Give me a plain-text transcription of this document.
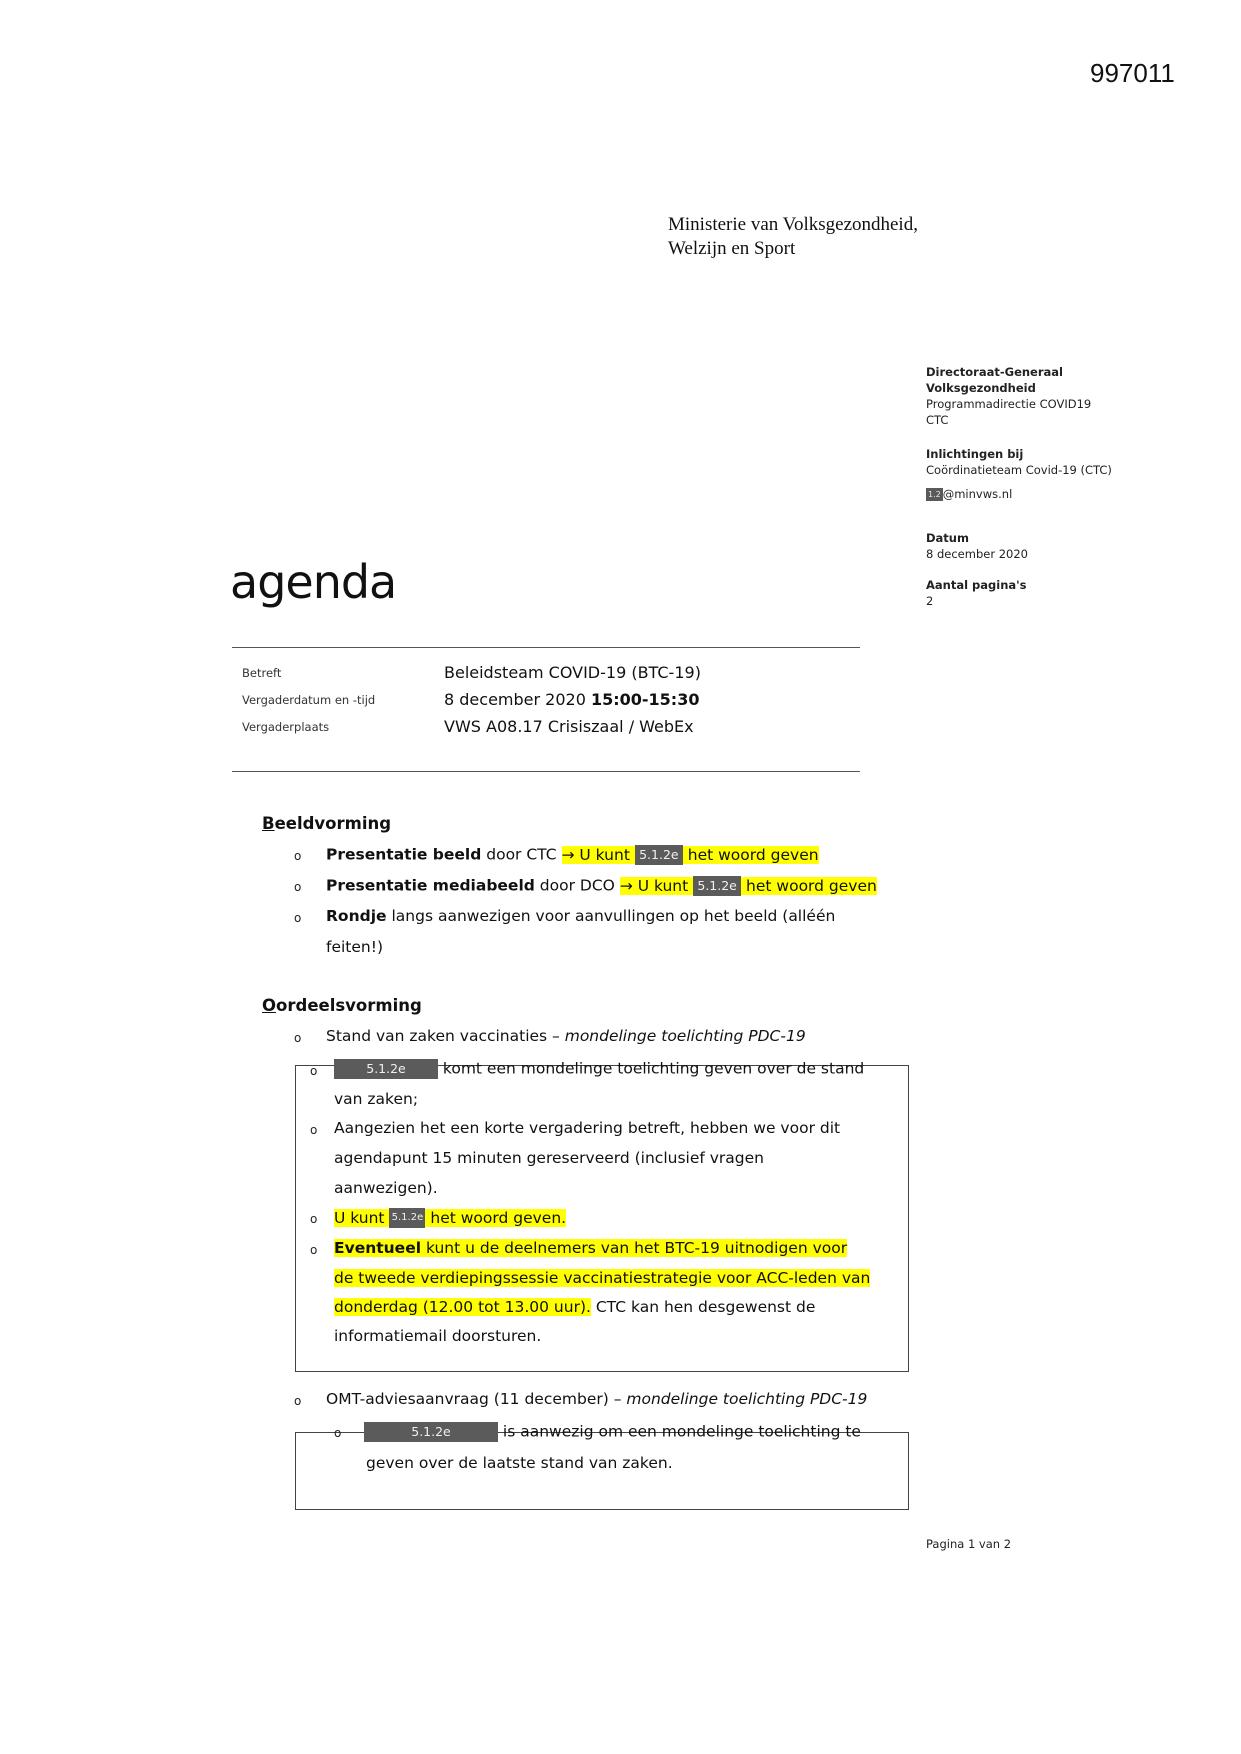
997011
Ministerie van Volksgezondheid,
Welzijn en Sport
Directoraat-Generaal
Volksgezondheid
Programmadirectie COVID19
CTC
Inlichtingen bij
Coördinatieteam Covid-19 (CTC)
1.2 @minvws.nl
Datum
8 december 2020
Aantal pagina's
2
agenda
Betreft	Beleidsteam COVID-19 (BTC-19)
Vergaderdatum en -tijd	8 december 2020 15:00-15:30
Vergaderplaats	VWS A08.17 Crisiszaal / WebEx
Beeldvorming
o Presentatie beeld door CTC → U kunt 5.1.2e het woord geven
o Presentatie mediabeeld door DCO → U kunt 5.1.2e het woord geven
o Rondje langs aanwezigen voor aanvullingen op het beeld (alléén
feiten!)
Oordeelsvorming
o Stand van zaken vaccinaties – mondelinge toelichting PDC-19
o	5.1.2e komt een mondelinge toelichting geven over de stand
van zaken;
o Aangezien het een korte vergadering betreft, hebben we voor dit
agendapunt 15 minuten gereserveerd (inclusief vragen
aanwezigen).
o U kunt 5.1.2e het woord geven.
o Eventueel kunt u de deelnemers van het BTC-19 uitnodigen voor
de tweede verdiepingssessie vaccinatiestrategie voor ACC-leden van
donderdag (12.00 tot 13.00 uur). CTC kan hen desgewenst de
informatiemail doorsturen.
o OMT-adviesaanvraag (11 december) – mondelinge toelichting PDC-19
o	5.1.2e	is aanwezig om een mondelinge toelichting te
geven over de laatste stand van zaken.
Pagina 1 van 2
